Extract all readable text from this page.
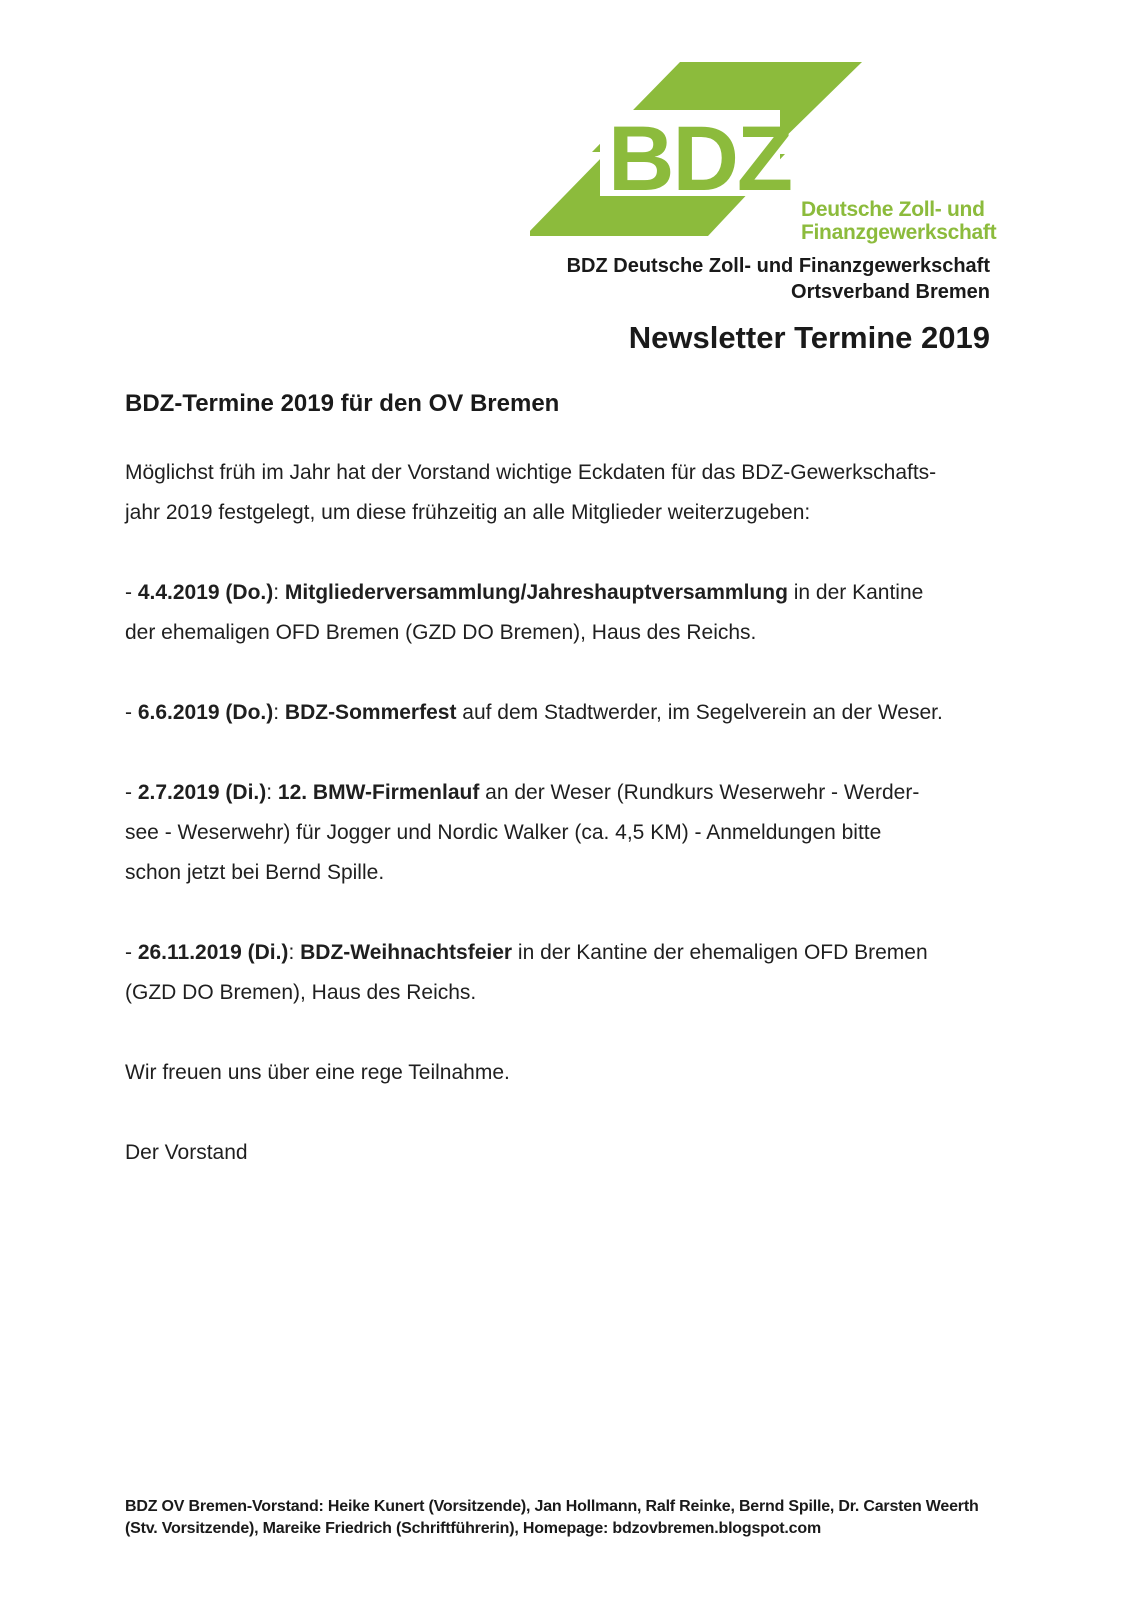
BDZ Deutsche Zoll- und
Finanzgewerkschaft
BDZ Deutsche Zoll- und Finanzgewerkschaft
Ortsverband Bremen
Newsletter Termine 2019
BDZ-Termine 2019 für den OV Bremen
Möglichst früh im Jahr hat der Vorstand wichtige Eckdaten für das BDZ-Gewerkschafts-
jahr 2019 festgelegt, um diese frühzeitig an alle Mitglieder weiterzugeben:
- 4.4.2019 (Do.): Mitgliederversammlung/Jahreshauptversammlung in der Kantine
der ehemaligen OFD Bremen (GZD DO Bremen), Haus des Reichs.
- 6.6.2019 (Do.): BDZ-Sommerfest auf dem Stadtwerder, im Segelverein an der Weser.
- 2.7.2019 (Di.): 12. BMW-Firmenlauf an der Weser (Rundkurs Weserwehr - Werder-
see - Weserwehr) für Jogger und Nordic Walker (ca. 4,5 KM) - Anmeldungen bitte
schon jetzt bei Bernd Spille.
- 26.11.2019 (Di.): BDZ-Weihnachtsfeier in der Kantine der ehemaligen OFD Bremen
(GZD DO Bremen), Haus des Reichs.
Wir freuen uns über eine rege Teilnahme.
Der Vorstand
BDZ OV Bremen-Vorstand: Heike Kunert (Vorsitzende), Jan Hollmann, Ralf Reinke, Bernd Spille, Dr. Carsten Weerth
(Stv. Vorsitzende), Mareike Friedrich (Schriftführerin), Homepage: bdzovbremen.blogspot.com
